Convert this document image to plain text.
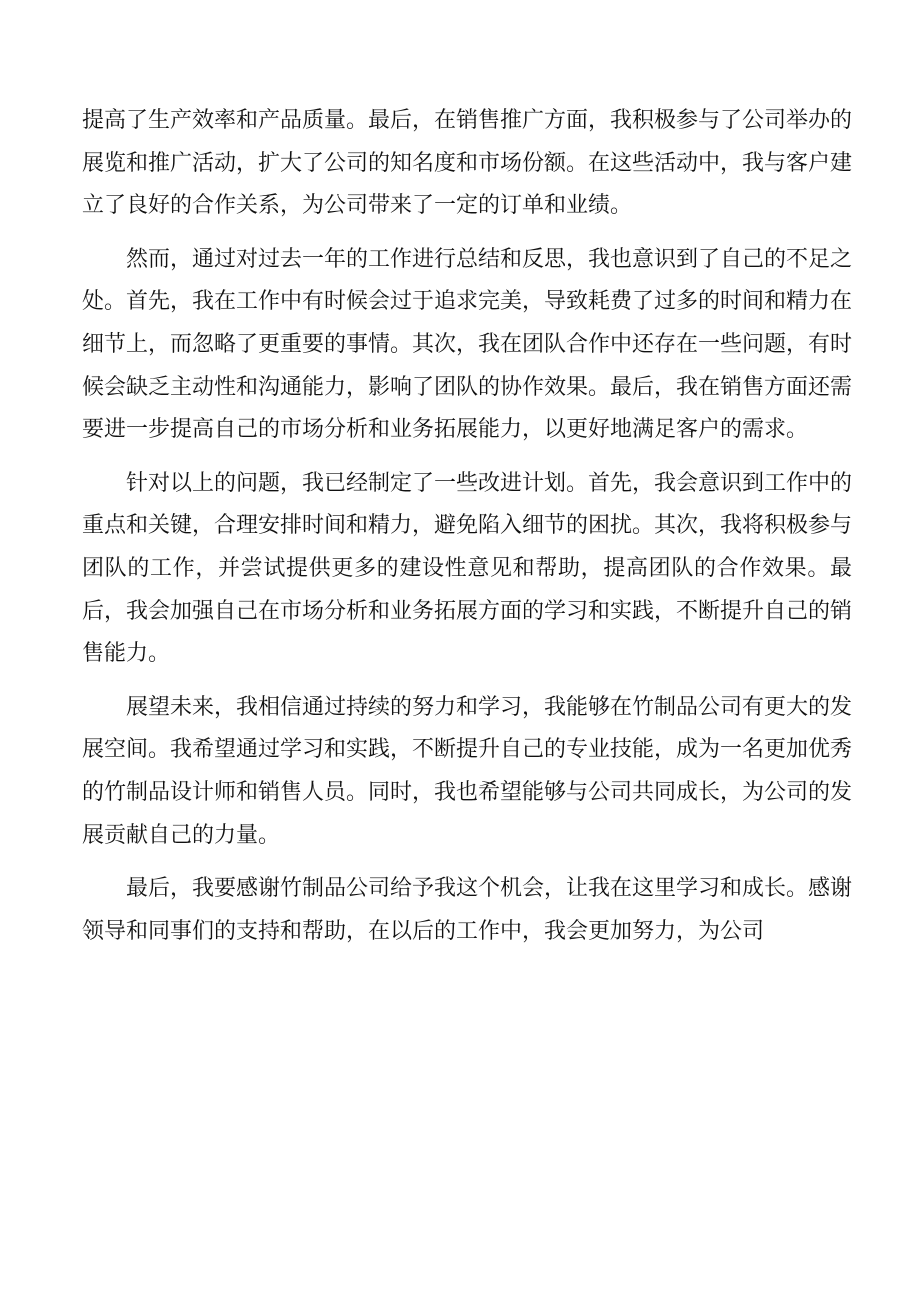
提高了生产效率和产品质量。最后，在销售推广方面，我积极参与了公司举办的展览和推广活动，扩大了公司的知名度和市场份额。在这些活动中，我与客户建立了良好的合作关系，为公司带来了一定的订单和业绩。

然而，通过对过去一年的工作进行总结和反思，我也意识到了自己的不足之处。首先，我在工作中有时候会过于追求完美，导致耗费了过多的时间和精力在细节上，而忽略了更重要的事情。其次，我在团队合作中还存在一些问题，有时候会缺乏主动性和沟通能力，影响了团队的协作效果。最后，我在销售方面还需要进一步提高自己的市场分析和业务拓展能力，以更好地满足客户的需求。

针对以上的问题，我已经制定了一些改进计划。首先，我会意识到工作中的重点和关键，合理安排时间和精力，避免陷入细节的困扰。其次，我将积极参与团队的工作，并尝试提供更多的建设性意见和帮助，提高团队的合作效果。最后，我会加强自己在市场分析和业务拓展方面的学习和实践，不断提升自己的销售能力。

展望未来，我相信通过持续的努力和学习，我能够在竹制品公司有更大的发展空间。我希望通过学习和实践，不断提升自己的专业技能，成为一名更加优秀的竹制品设计师和销售人员。同时，我也希望能够与公司共同成长，为公司的发展贡献自己的力量。

最后，我要感谢竹制品公司给予我这个机会，让我在这里学习和成长。感谢领导和同事们的支持和帮助，在以后的工作中，我会更加努力，为公司
